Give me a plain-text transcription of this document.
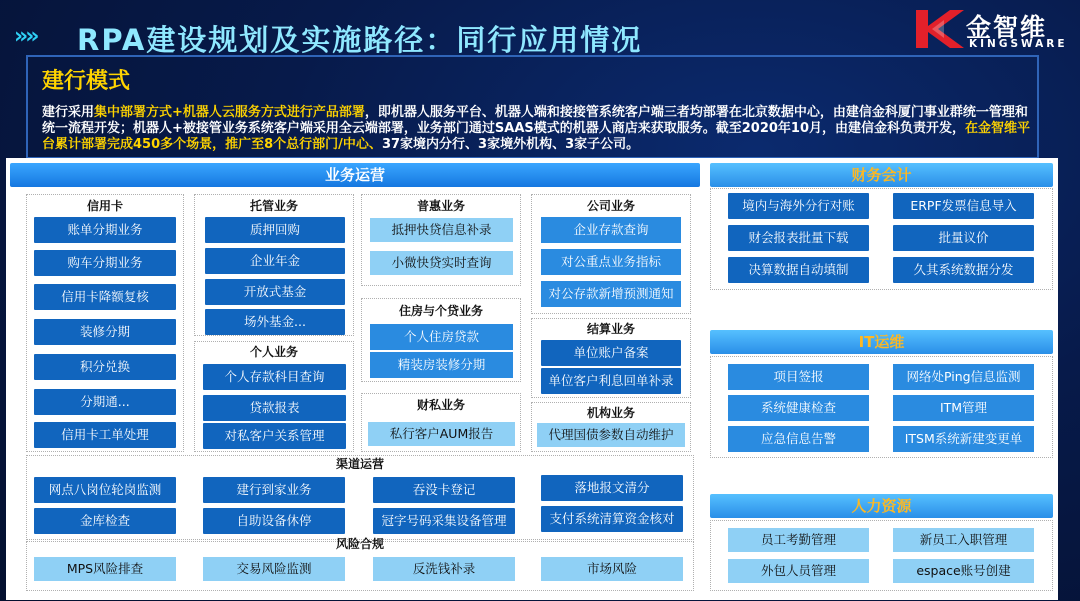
»» RPA建设规划及实施路径：同行应用情况	金智维
KINGSWARE
建行模式
建行采用集中部署方式+机器人云服务方式进行产品部署，即机器人服务平台、机器人端和接接管系统客户端三者均部署在北京数据中心，由建信金科厦门事业群统一管理和统一流程开发；机器人+被接管业务系统客户端采用全云端部署，业务部门通过SAAS模式的机器人商店来获取服务。截至2020年10月，由建信金科负责开发，在金智维平台累计部署完成450多个场景，推广至8个总行部门/中心、37家境内分行、3家境外机构、3家子公司。
业务运营
信用卡
账单分期业务
购车分期业务
信用卡降额复核
装修分期
积分兑换
分期通...
信用卡工单处理
托管业务
质押回购
企业年金
开放式基金
场外基金...
个人业务
个人存款科目查询
贷款报表
对私客户关系管理
普惠业务
抵押快贷信息补录
小微快贷实时查询
住房与个贷业务
个人住房贷款
精装房装修分期
财私业务
私行客户AUM报告
公司业务
企业存款查询
对公重点业务指标
对公存款新增预测通知
结算业务
单位账户备案
单位客户利息回单补录
机构业务
代理国债参数自动维护
渠道运营
网点八岗位轮岗监测	建行到家业务	吞没卡登记	落地报文清分
金库检查	自助设备休停	冠字号码采集设备管理	支付系统清算资金核对
风险合规
MPS风险排查	交易风险监测	反洗钱补录	市场风险
财务会计
境内与海外分行对账	ERPF发票信息导入
财会报表批量下载	批量议价
决算数据自动填制	久其系统数据分发
IT运维
项目签报	网络处Ping信息监测
系统健康检查	ITM管理
应急信息告警	ITSM系统新建变更单
人力资源
员工考勤管理	新员工入职管理
外包人员管理	espace账号创建
